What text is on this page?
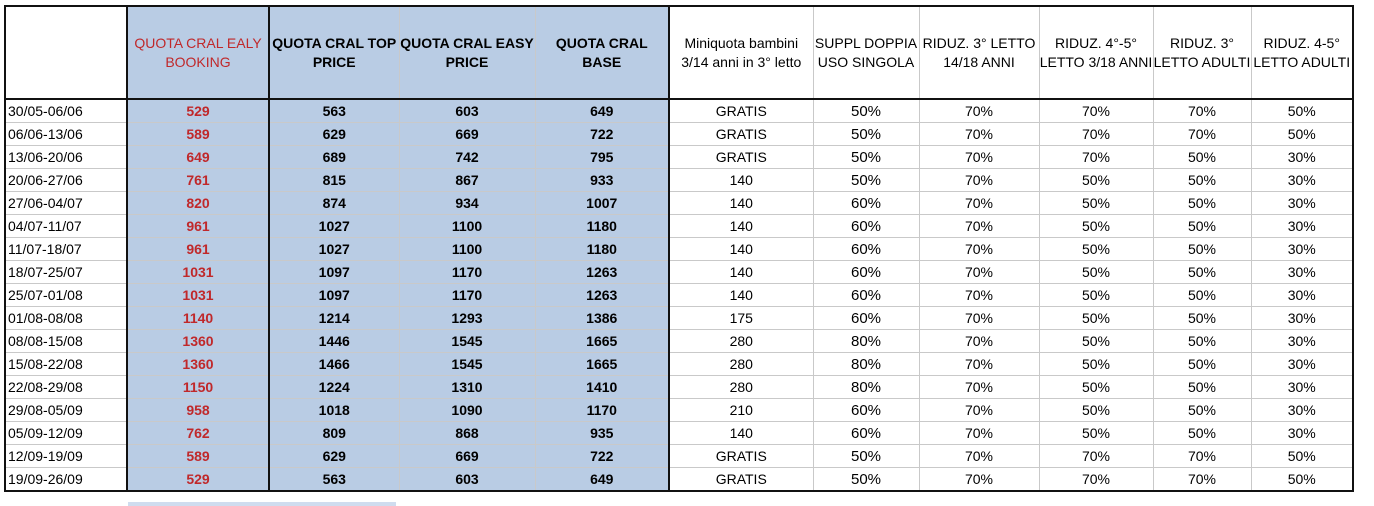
	QUOTA CRAL EALY BOOKING	QUOTA CRAL TOP PRICE	QUOTA CRAL EASY PRICE	QUOTA CRAL BASE	Miniquota bambini 3/14 anni in 3° letto	SUPPL DOPPIA USO SINGOLA	RIDUZ. 3° LETTO 14/18 ANNI	RIDUZ. 4°-5° LETTO 3/18 ANNI	RIDUZ. 3° LETTO ADULTI	RIDUZ. 4-5° LETTO ADULTI
30/05-06/06	529	563	603	649	GRATIS	50%	70%	70%	70%	50%
06/06-13/06	589	629	669	722	GRATIS	50%	70%	70%	70%	50%
13/06-20/06	649	689	742	795	GRATIS	50%	70%	70%	50%	30%
20/06-27/06	761	815	867	933	140	50%	70%	50%	50%	30%
27/06-04/07	820	874	934	1007	140	60%	70%	50%	50%	30%
04/07-11/07	961	1027	1100	1180	140	60%	70%	50%	50%	30%
11/07-18/07	961	1027	1100	1180	140	60%	70%	50%	50%	30%
18/07-25/07	1031	1097	1170	1263	140	60%	70%	50%	50%	30%
25/07-01/08	1031	1097	1170	1263	140	60%	70%	50%	50%	30%
01/08-08/08	1140	1214	1293	1386	175	60%	70%	50%	50%	30%
08/08-15/08	1360	1446	1545	1665	280	80%	70%	50%	50%	30%
15/08-22/08	1360	1466	1545	1665	280	80%	70%	50%	50%	30%
22/08-29/08	1150	1224	1310	1410	280	80%	70%	50%	50%	30%
29/08-05/09	958	1018	1090	1170	210	60%	70%	50%	50%	30%
05/09-12/09	762	809	868	935	140	60%	70%	50%	50%	30%
12/09-19/09	589	629	669	722	GRATIS	50%	70%	70%	70%	50%
19/09-26/09	529	563	603	649	GRATIS	50%	70%	70%	70%	50%
